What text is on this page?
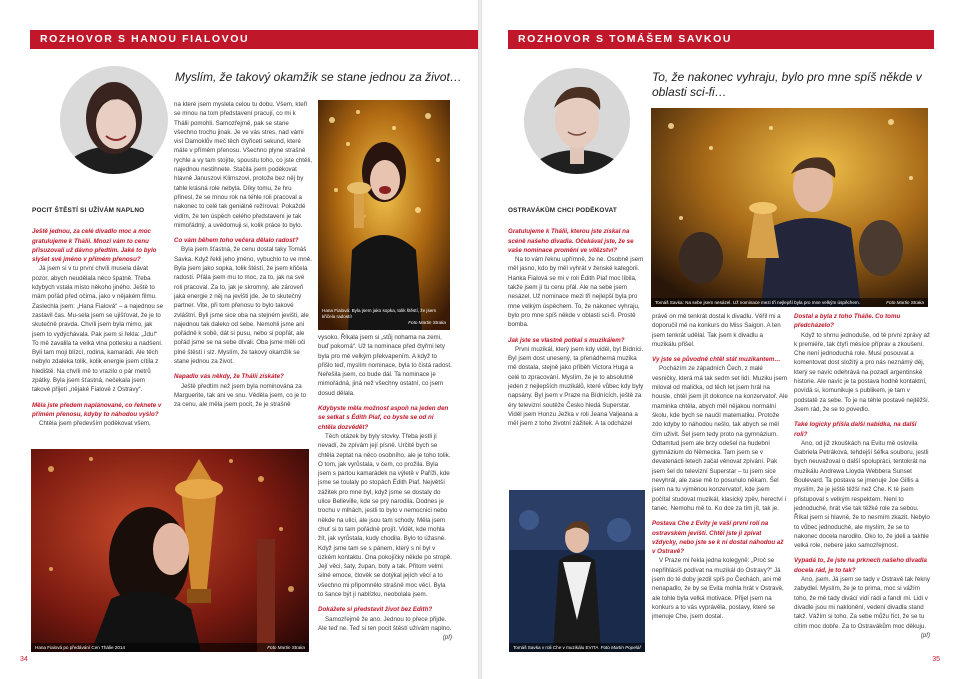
ROZHOVOR S HANOU FIALOVOU
Myslím, že takový okamžik se stane jednou za život…
POCIT ŠTĚSTÍ SI UŽÍVÁM NAPLNO

Ještě jednou, za celé divadlo moc a moc gratulujeme k Thálii. Mnozí vám to cenu přisuzovali už dávno předtím. Jaké to bylo slyšet své jméno v přímém přenosu?

Já jsem si v tu první chvíli musela dávat pozor, abych neudělala něco špatně. Třeba kdybych vstala místo někoho jiného. Ještě to mám pořád před očima, jako v nějakém filmu. Zaslechla jsem: „Hana Fialová“ – a najednou se zastavil čas. Mu-sela jsem se ujišťovat, že je to skutečně pravda. Chvíli jsem byla mimo, jak jsem to vydýchávala. Pak jsem si řekla: „Jdu!“ To mě zavalila ta velká vlna potlesku a nadšení. Byli tam moji blízcí, rodina, kamarádi. Ale těch nebylo zdaleka tolik, kolik energie jsem cítila z hlediště. Na chvíli mě to vrazilo o pár metrů zpátky. Byla jsem šťastná, nečekala jsem takové přijetí „nějaké Fialové z Ostravy“.

Měla jste předem naplánované, co řeknete v přímém přenosu, kdyby to náhodou vyšlo?

Chtěla jsem především poděkovat všem,

na které jsem myslela celou tu dobu. Všem, kteří se mnou na tom představení pracují, co mi k Thálii pomohli. Samozřejmě, pak se stane všechno trochu jinak. Je ve vás stres, nad vámi visí Damoklův meč těch čtyřiceti sekund, které máte v přímém přenosu. Všechno plyne strašně rychle a vy tam stojíte, spoustu toho, co jste chtěli, najednou nestihnete. Stačila jsem poděkovat hlavně Januszovi Klimszovi, protože bez něj by tahle krásná role nebyla. Díky tomu, že hru přinesl, že se mnou rok na téhle roli pracoval a nakonec to celé tak geniálně režíroval. Pokaždé vidím, že ten úspěch celého představení je tak mimořádný, a uvědomuji si, kolik práce to bylo.

Co vám během toho večera dělalo radost?

Byla jsem šťastná, že cenu dostal taky Tomáš Savka. Když řekli jeho jméno, vybuchlo to ve mně. Byla jsem jako sopka, tolik štěstí, že jsem křičela radostí. Přála jsem mu to moc, za to, jak na své roli pracoval. Za to, jak je skromný, ale zároveň jaká energie z něj na jevišti jde. Je to skutečný partner. Vite, při tom přenosu to bylo takové zvláštní. Byli jsme sice oba na stejném jevišti, ale najednou tak daleko od sebe. Nemohli jsme ani pořádně k sobě, dát si pusu, nebo si popřát, ale pořád jsme se na sebe dívali. Oba jsme měli oči plné štěstí i slz. Myslím, že takový okamžik se stane jednou za život.

Napadlo vás někdy, že Thálii získáte?

Ještě předtím než jsem byla nominována za Marguerite, tak ani ve snu. Věděla jsem, co je to za cenu, ale měla jsem pocit, že je strašně

Hana Fialová: Byla jsem jako sopka, tolik štěstí, že jsem křičela radostí!
Foto Martin Straka

vysoko. Říkala jsem si „stůj nohama na zemi, buď pokorná“. Už ta nominace před čtyřmi lety byla pro mě velkým překvapením. A když to přišlo teď, myslím nominace, byla to čistá radost. Neřešila jsem, co bude dál. Ta nominace je mimořádná, jiná než všechny ostatní, co jsem dosud dělala.

Kdybyste měla možnost aspoň na jeden den se setkat s Édith Piaf, co byste se od ní chtěla dozvědět?

Těch otázek by byly stovky. Třeba jestli jí nevadí, že zpívám její písně. Určitě bych se chtěla zeptat na něco osobního, ale je toho tolik. O tom, jak vyrůstala, v čem, co prožila. Byla jsem s partou kamarádek na výletě v Paříži, kde jsme se toulaly po stopách Édith Piaf. Největší zážitek pro mne byl, když jsme se dostaly do ulice Belleville, kde se prý narodila. Dodnes je trochu v mlhách, jestli to bylo v nemocnici nebo někde na ulici, ale jsou tam schody. Měla jsem chuť si to tam pořádně projít. Vidět, kde mohla žít, jak vyrůstala, kudy chodila. Bylo to úžasné. Když jsme tam se s pánem, který s ní byl v úzkém kontaktu. Ona pokojíčky někde po stropě. Její věci, šaty, župan, boty a tak. Přitom velmi silné emoce, člověk se dotýkal jejích věcí a to všechno mi připomnělo strašně moc věcí. Byla to šance být ji nablízku, neobolala jsem.

Dokážete si představit život bez Edith?

Samozřejmě že ano. Jednou to přece přijde. Ale teď ne. Teď si ten pocit štěstí užívám naplno.

(pf)
Hana Fialová po předávání Cen Thálie 2014	Foto Martin Straka
34
ROZHOVOR S TOMÁŠEM SAVKOU
To, že nakonec vyhraju, bylo pro mne spíš někde v oblasti sci-fi…
OSTRAVÁKŮM CHCI PODĚKOVAT

Gratulujeme k Thálii, kterou jste získal na scéně našeho divadla. Očekával jste, že se vaše nominace promění ve vítězství?

Na to vám řeknu upřímně, že ne. Osobně jsem měl jasno, kdo by měl vyhrát v ženské kategorii. Hanka Fialová se mi v roli Édith Piaf moc líbila, takže jsem jí tu cenu přál. Ale na sebe jsem nesázel. Už nominace mezi tři nejlepší byla pro mne velkým úspěchem. To, že nakonec vyhraju, bylo pro mne spíš někde v oblasti sci-fi. Prostě bomba.

Jak jste se vlastně potkal s muzikálem?

První muzikál, který jsem kdy viděl, byl Bídníci. Byl jsem dost unesený, ta přenádherná muzika mě dostala, stejně jako příběh Victora Huga a celé to zpracování. Myslím, že je to absolutně jeden z nejlepších muzikálů, které vůbec kdy byly napsány. Byl jsem v Praze na Bídnících, ještě za éry televizní soutěže Česko hledá Superstar. Viděl jsem Honzu Ježka v roli Jeana Valjeana a měl jsem z toho životní zážitek. A ta odcházel

Tomáš Savka: Na sebe jsem nesázel. Už nominace mezi tři nejlepší byla pro mne velkým úspěchem.	Foto Martin Straka
Tomáš Savka v roli Che v muzikálu EVITA Foto Martin Popelář

právě on mě tenkrát dostal k divadlu. Věřil mi a doporučil mě na konkurs do Miss Saigon. A ten jsem tenkrát udělal. Tak jsem k divadlu a muzikálu přišel.

Vy jste se původně chtěl stát muzikantem…

Pocházím ze západních Čech, z malé vesničky, která má tak sedm set lidí. Muziku jsem miloval od malička, od těch let jsem hrál na housle, chtěl jsem jít dokonce na konzervatoř. Ale maminka chtěla, abych měl nějakou normální školu, kde bych se naučil matematiku. Protože zdo kdyby to náhodou nešlo, tak abych se měl čím uživit. Šel jsem tedy proto na gymnázium. Odtamtud jsem ale brzy odešel na hudební gymnázium do Německa. Tam jsem se v devatenácti letech začal věnovat zpívání. Pak jsem šel do televizní Superstar – tu jsem sice nevyhrál, ale zase mě to posunulo někam. Šel jsem na tu výměnou konzervatoř, kde jsem počítal studovat muzikál, klasický zpěv, herectví i tanec. Nemohu mě to. Ko dce za tím jít, tak je.

Postava Che z Evity je vaší první rolí na ostravském jevišti. Chtěl jste ji zpívat vždycky, nebo jste se k ní dostal náhodou až v Ostravě?

V Praze mi řekla jedna kolegyně: „Proč se nepřihlásíš podívat na muzikál do Ostravy?“ Já jsem do té doby jezdil spíš po Čechách, ani mě nenapadlo, že by se Evita mohla hrát v Ostravě, ale tohle byla velká motivace. Přijel jsem na konkurs a to vás vyprávěla, postavy, které se jmenuje Che, jsem dostal.

Dostal a byla z toho Thálie. Co tomu předcházelo?

Když to shrnu jednoduše, od té první zprávy až k premiéře, tak čtyři měsíce příprav a zkoušení. Che není jednoduchá role. Musí posouvat a komentovat dost složitý a pro nás neznámý děj, který se navíc odehrává na pozadí argentinské historie. Ale navíc je ta postava hodně kontaktní, povídá si, komunikuje s publikem, je tam v podstatě za sebe. To je na téhle postavě nejtěžší. Jsem rád, že se to povedlo.

Také logicky přišla další nabídka, na další roli?

Ano, od již zkouškách na Evitu mě oslovila Gabriela Petráková, tehdejší šéfka souboru, jestli bych neuvažoval o další spolupráci, tentokrát na muzikálu Andrewa Lloyda Webbera Sunset Boulevard. Ta postava se jmenuje Joe Gillis a myslím, že je ještě těžší než Che. K té jsem přistupoval s velkým respektem. Není to jednoduché, hrát vše tak těžké role za sebou. Říkal jsem si hlavně, že to nesmím zkazit. Nebylo to vůbec jednoduché, ale myslím, že se to nakonec docela narodilo. Oko to, že jdeli a takhle velká role, nebere jako samozřejmost.

Vypadá to, že jste na prknech našeho divadla docela rád, je to tak?

Ano, jsem. Já jsem se tady v Ostravě tak řekny zabydlel. Myslím, že je to prima, moc si vážím toho, že mě tady divácí vidí rádi a fandí mi. Lidi v divadle jsou mi naklonění, vedení divadla stand takž. Vážím si toho. Za sebe můžu říct, že se tu cítím moc dobře. Za to Ostravákům moc děkuju.

(pf)
35
